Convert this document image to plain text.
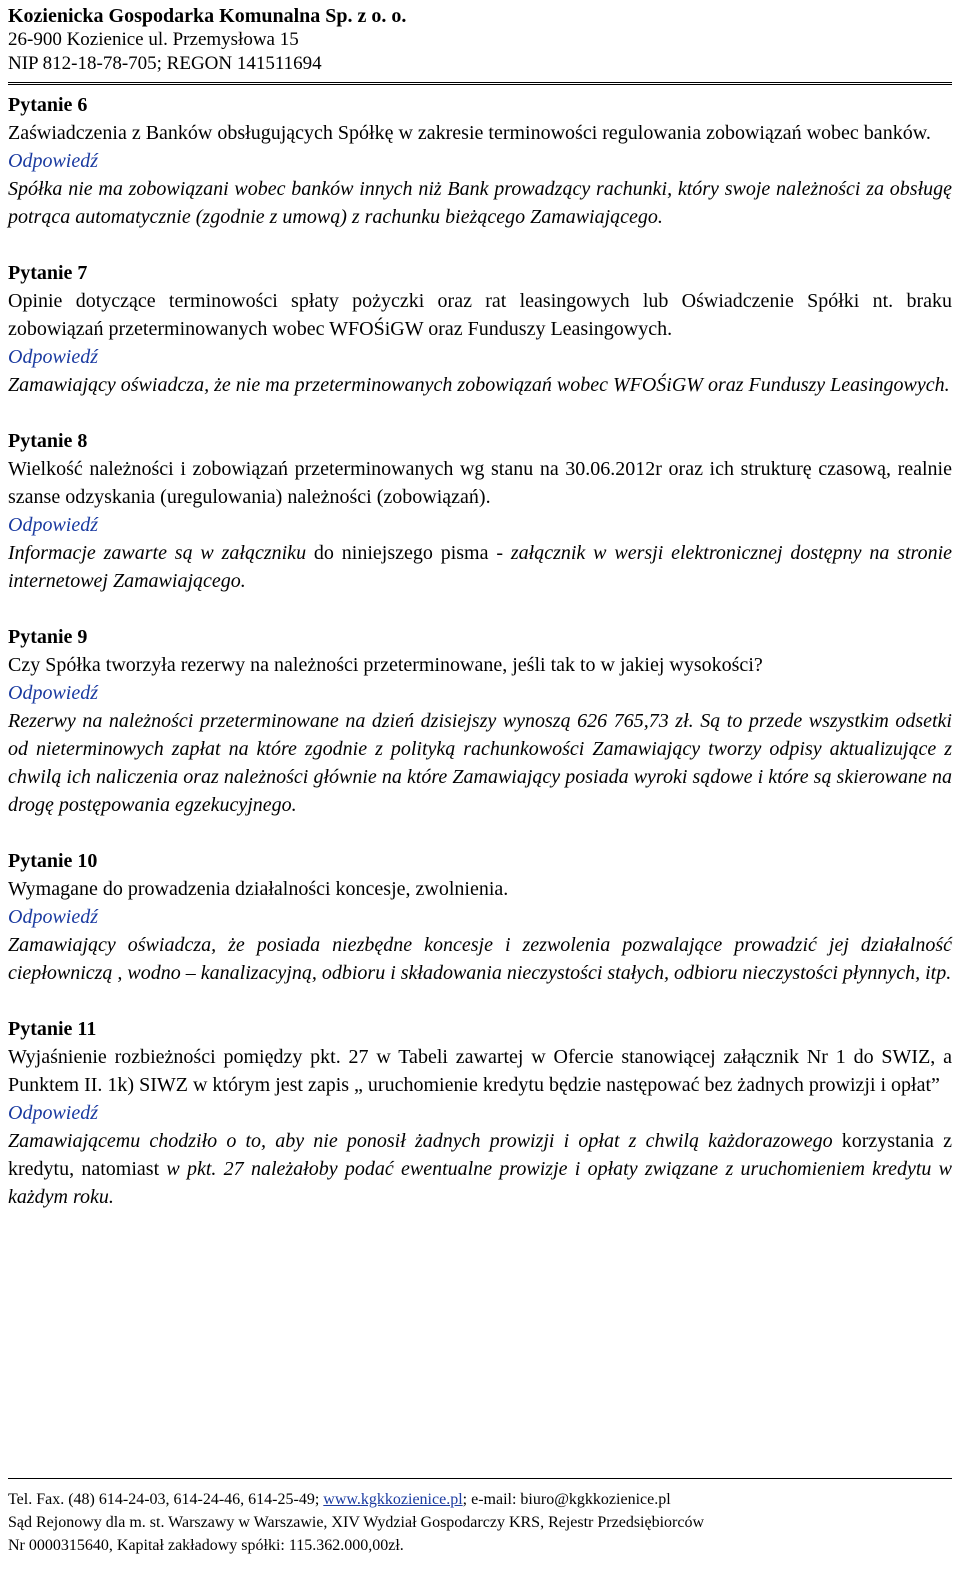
Kozienicka Gospodarka Komunalna Sp. z o. o.
26-900 Kozienice ul. Przemysłowa 15
NIP 812-18-78-705; REGON 141511694
Pytanie 6
Zaświadczenia z Banków obsługujących Spółkę w zakresie terminowości regulowania zobowiązań wobec banków.
Odpowiedź
Spółka nie ma zobowiązani wobec banków innych niż Bank prowadzący rachunki, który swoje należności za obsługę potrąca automatycznie (zgodnie z umową) z rachunku bieżącego Zamawiającego.
Pytanie 7
Opinie dotyczące terminowości spłaty pożyczki oraz rat leasingowych lub Oświadczenie Spółki nt. braku zobowiązań przeterminowanych wobec WFOŚiGW oraz Funduszy Leasingowych.
Odpowiedź
Zamawiający oświadcza, że nie ma przeterminowanych zobowiązań wobec WFOŚiGW oraz Funduszy Leasingowych.
Pytanie 8
Wielkość należności i zobowiązań przeterminowanych wg stanu na 30.06.2012r oraz ich strukturę czasową, realnie szanse odzyskania (uregulowania) należności (zobowiązań).
Odpowiedź
Informacje zawarte są w załączniku do niniejszego pisma - załącznik w wersji elektronicznej dostępny na stronie internetowej Zamawiającego.
Pytanie 9
Czy Spółka tworzyła rezerwy na należności przeterminowane, jeśli tak to w jakiej wysokości?
Odpowiedź
Rezerwy na należności przeterminowane na dzień dzisiejszy wynoszą 626 765,73 zł. Są to przede wszystkim odsetki od nieterminowych zapłat na które zgodnie z polityką rachunkowości Zamawiający tworzy odpisy aktualizujące z chwilą ich naliczenia oraz należności głównie na które Zamawiający posiada wyroki sądowe i które są skierowane na drogę postępowania egzekucyjnego.
Pytanie 10
Wymagane do prowadzenia działalności koncesje, zwolnienia.
Odpowiedź
Zamawiający oświadcza, że posiada niezbędne koncesje i zezwolenia pozwalające prowadzić jej działalność ciepłowniczą , wodno – kanalizacyjną, odbioru i składowania nieczystości stałych, odbioru nieczystości płynnych, itp.
Pytanie 11
Wyjaśnienie rozbieżności pomiędzy pkt. 27 w Tabeli zawartej w Ofercie stanowiącej załącznik Nr 1 do SWIZ, a Punktem II. 1k) SIWZ w którym jest zapis „ uruchomienie kredytu będzie następować bez żadnych prowizji i opłat”
Odpowiedź
Zamawiającemu chodziło o to, aby nie ponosił żadnych prowizji i opłat z chwilą każdorazowego korzystania z kredytu, natomiast w pkt. 27 należałoby podać ewentualne prowizje i opłaty związane z uruchomieniem kredytu w każdym roku.
Tel. Fax. (48) 614-24-03, 614-24-46, 614-25-49; www.kgkkozienice.pl; e-mail: biuro@kgkkozienice.pl
Sąd Rejonowy dla m. st. Warszawy w Warszawie, XIV Wydział Gospodarczy KRS, Rejestr Przedsiębiorców
Nr 0000315640, Kapitał zakładowy spółki: 115.362.000,00zł.
